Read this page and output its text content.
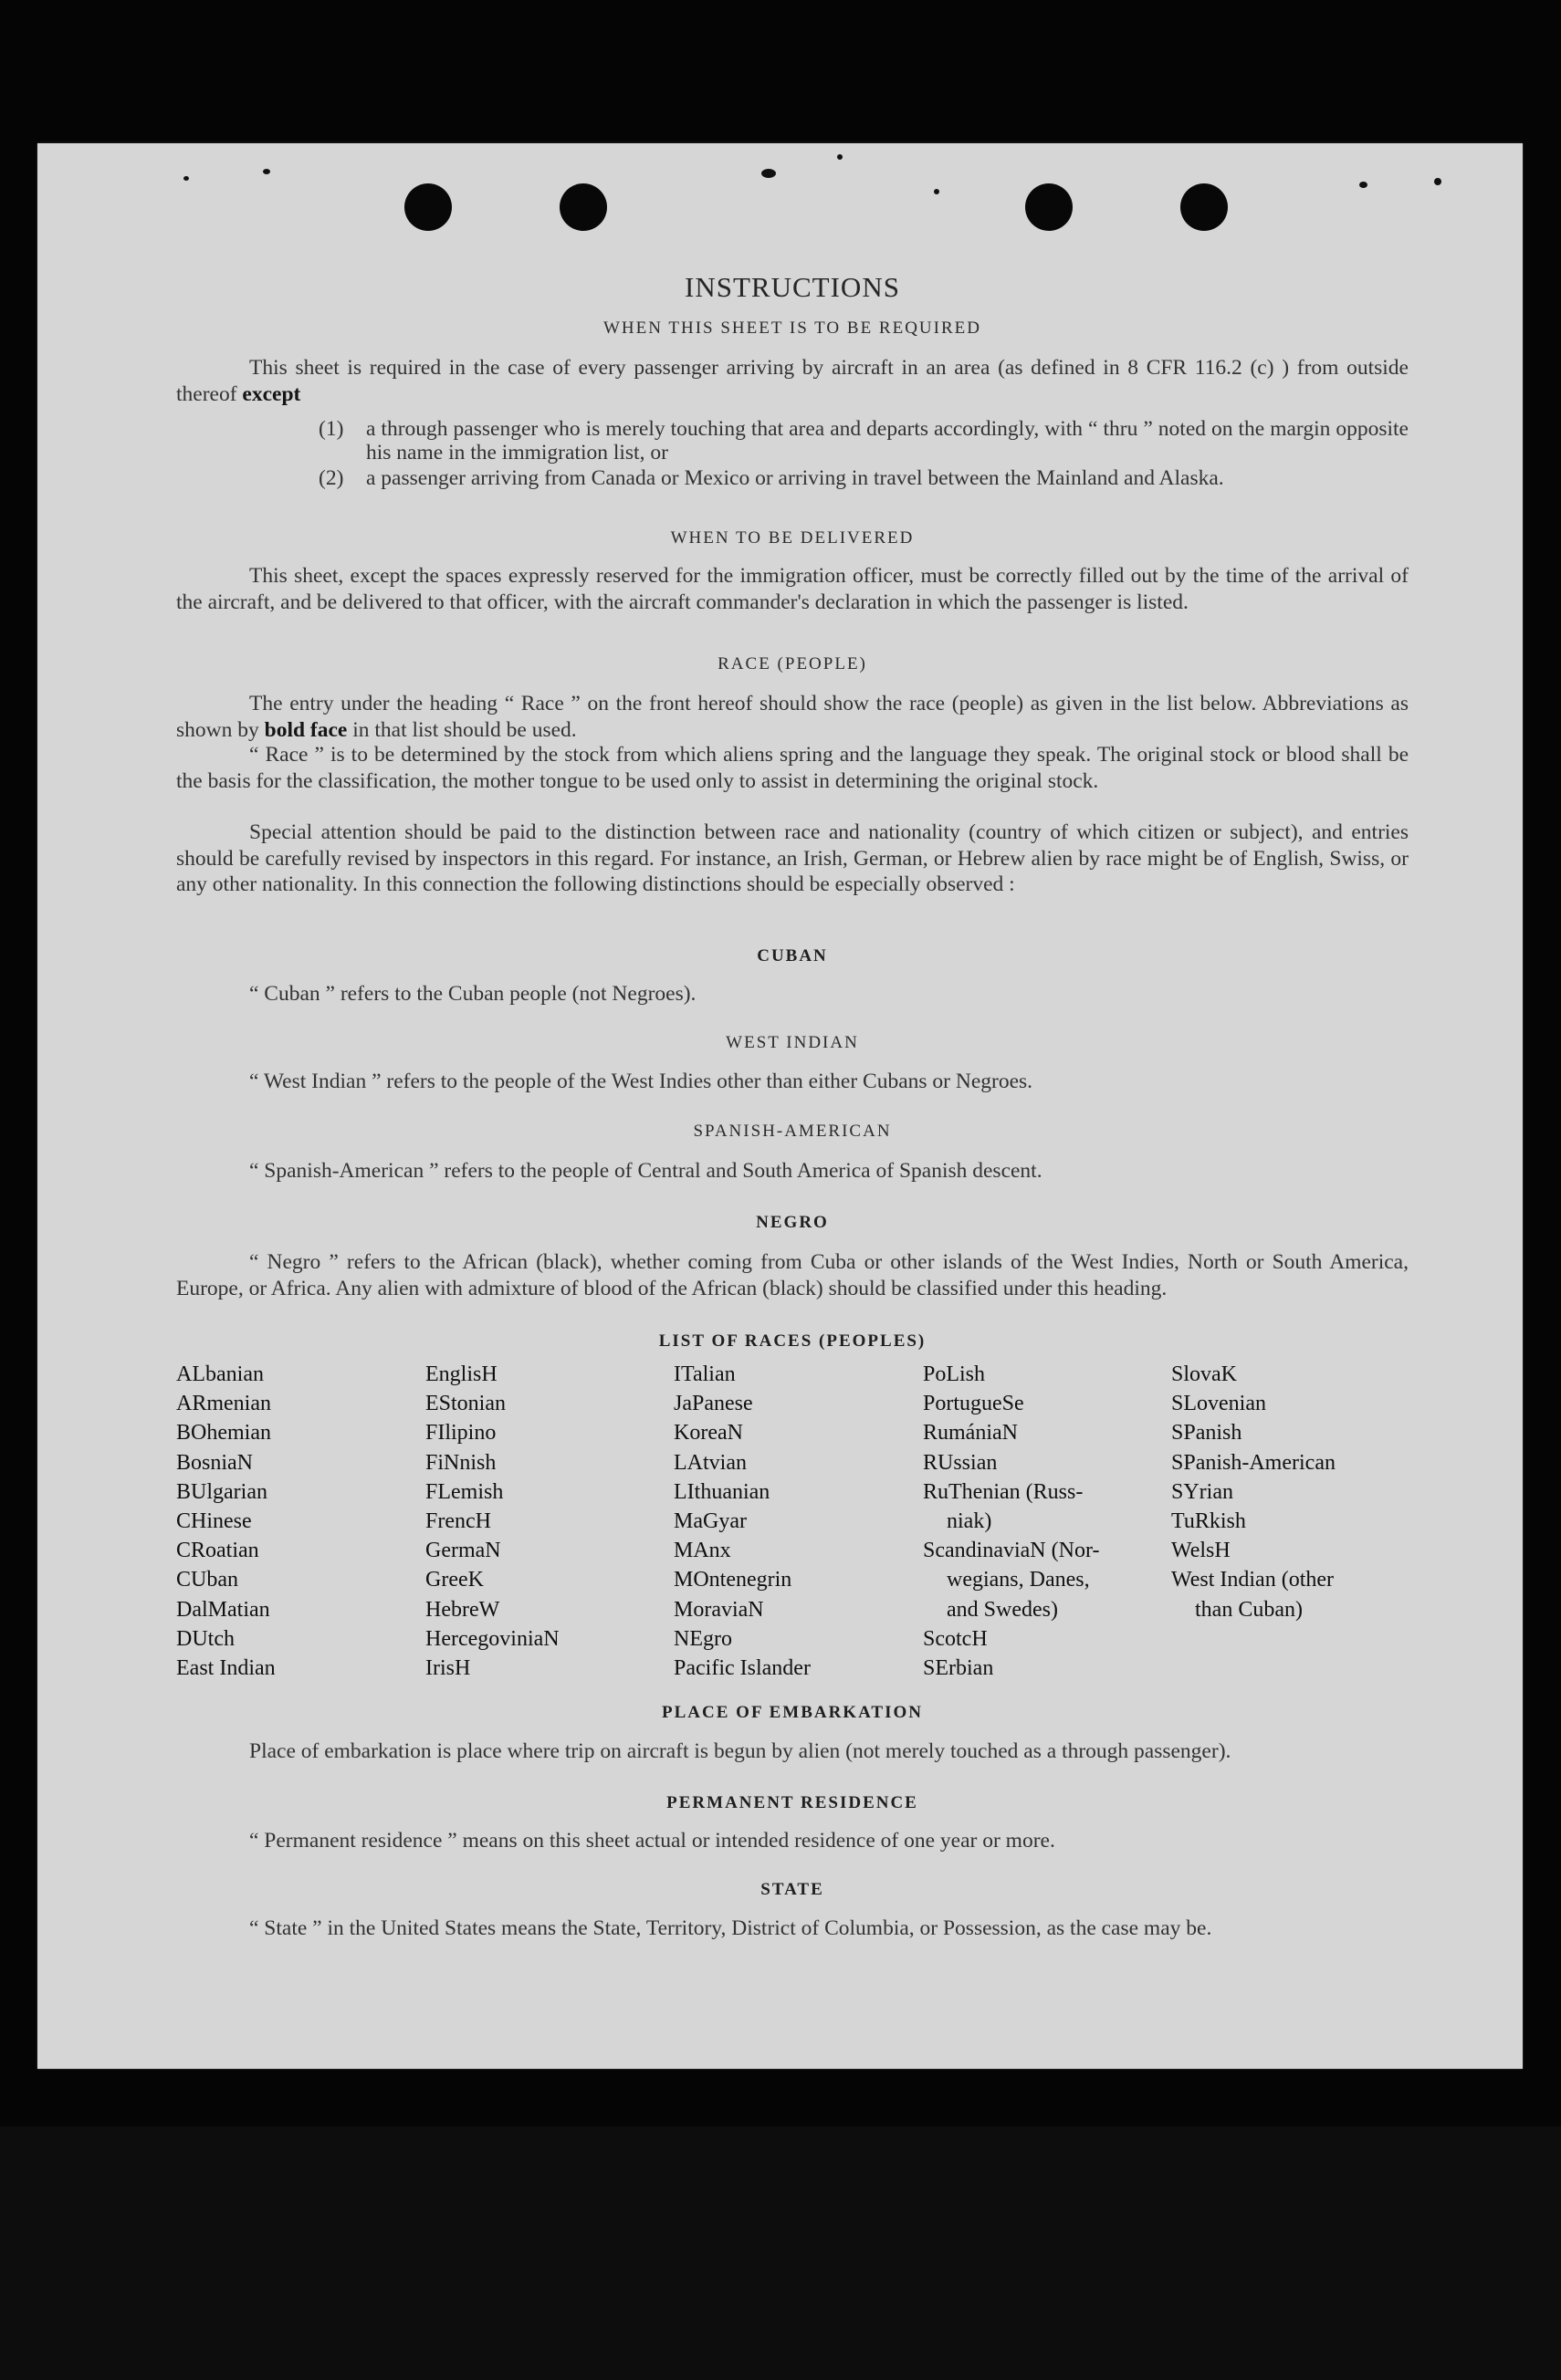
INSTRUCTIONS
WHEN THIS SHEET IS TO BE REQUIRED
This sheet is required in the case of every passenger arriving by aircraft in an area (as defined in 8 CFR 116.2 (c) ) from outside thereof except
(1) a through passenger who is merely touching that area and departs accordingly, with “ thru ” noted on the margin opposite his name in the immigration list, or
(2) a passenger arriving from Canada or Mexico or arriving in travel between the Mainland and Alaska.
WHEN TO BE DELIVERED
This sheet, except the spaces expressly reserved for the immigration officer, must be correctly filled out by the time of the arrival of the aircraft, and be delivered to that officer, with the aircraft commander's declaration in which the passenger is listed.
RACE (PEOPLE)
The entry under the heading “ Race ” on the front hereof should show the race (people) as given in the list below. Abbreviations as shown by bold face in that list should be used.
“ Race ” is to be determined by the stock from which aliens spring and the language they speak. The original stock or blood shall be the basis for the classification, the mother tongue to be used only to assist in determining the original stock.
Special attention should be paid to the distinction between race and nationality (country of which citizen or subject), and entries should be carefully revised by inspectors in this regard. For instance, an Irish, German, or Hebrew alien by race might be of English, Swiss, or any other nationality. In this connection the following distinctions should be especially observed :
CUBAN
“ Cuban ” refers to the Cuban people (not Negroes).
WEST INDIAN
“ West Indian ” refers to the people of the West Indies other than either Cubans or Negroes.
SPANISH-AMERICAN
“ Spanish-American ” refers to the people of Central and South America of Spanish descent.
NEGRO
“ Negro ” refers to the African (black), whether coming from Cuba or other islands of the West Indies, North or South America, Europe, or Africa. Any alien with admixture of blood of the African (black) should be classified under this heading.
LIST OF RACES (PEOPLES)
ALbanian
ARmenian
BOhemian
BosniaN
BUlgarian
CHinese
CRoatian
CUban
DalMatian
DUtch
East Indian
EnglisH
EStonian
FIlipino
FiNnish
FLemish
FrencH
GermaN
GreeK
HebreW
HercegoviniaN
IrisH
ITalian
JaPanese
KoreaN
LAtvian
LIthuanian
MaGyar
MAnx
MOntenegrin
MoraviaN
NEgro
Pacific Islander
PoLish
PortugueSe
RumániaN
RUssian
RuThenian (Russ-
niak)
ScandinaviaN (Nor-
wegians, Danes,
and Swedes)
ScotcH
SErbian
SlovaK
SLovenian
SPanish
SPanish-American
SYrian
TuRkish
WelsH
West Indian (other
than Cuban)
PLACE OF EMBARKATION
Place of embarkation is place where trip on aircraft is begun by alien (not merely touched as a through passenger).
PERMANENT RESIDENCE
“ Permanent residence ” means on this sheet actual or intended residence of one year or more.
STATE
“ State ” in the United States means the State, Territory, District of Columbia, or Possession, as the case may be.
